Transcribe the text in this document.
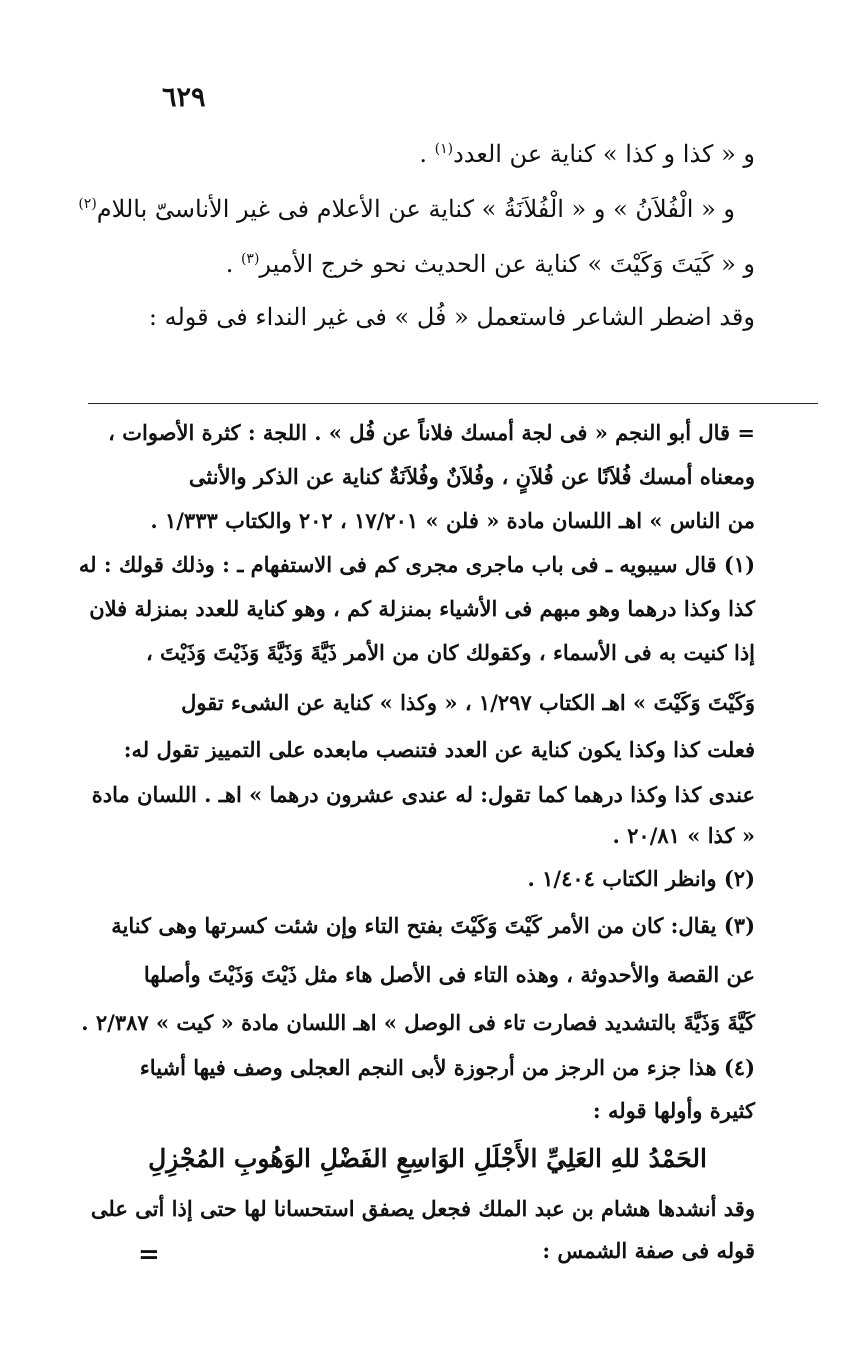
٦٢٩
و « كذا و كذا » كناية عن العدد$^{(١)}$ .
و « الْفُلاَنُ » و « الْفُلاَنَةُ » كناية عن الأعلام فى غير الأناسىّ باللام$^{(٢)}$
و « كَيَتَ وَكَيْتَ » كناية عن الحديث نحو خرج الأمير$^{(٣)}$ .
وقد اضطر الشاعر فاستعمل « فُل » فى غير النداء فى قوله :
= قال أبو النجم « فى لجة أمسك فلاناً عن فُل » . اللجة : كثرة الأصوات ،
ومعناه أمسك فُلاَنًا عن فُلاَنٍ ، وفُلاَنٌ وفُلاَنَةٌ كناية عن الذكر والأنثى
من الناس » اهـ اللسان مادة « فلن » ١٧/٢٠١ ، ٢٠٢ والكتاب ١/٣٣٣ .
(١) قال سيبويه ـ فى باب ماجرى مجرى كم فى الاستفهام ـ : وذلك قولك : له
كذا وكذا درهما وهو مبهم فى الأشياء بمنزلة كم ، وهو كناية للعدد بمنزلة فلان
إذا كنيت به فى الأسماء ، وكقولك كان من الأمر ذَيَّةَ وَذَيَّةَ وَذَيْتَ وَذَيْتَ ،
وَكَيْتَ وَكَيْتَ » اهـ الكتاب ١/٢٩٧ ، « وكذا » كناية عن الشىء تقول
فعلت كذا وكذا يكون كناية عن العدد فتنصب مابعده على التمييز تقول له:
عندى كذا وكذا درهما كما تقول: له عندى عشرون درهما » اهـ . اللسان مادة
« كذا » ٢٠/٨١ .
(٢) وانظر الكتاب ١/٤٠٤ .
(٣) يقال: كان من الأمر كَيْتَ وَكَيْتَ بفتح التاء وإن شئت كسرتها وهى كناية
عن القصة والأحدوثة ، وهذه التاء فى الأصل هاء مثل ذَيْتَ وَذَيْتَ وأصلها
كَيَّةَ وَذَيَّةَ بالتشديد فصارت تاء فى الوصل » اهـ اللسان مادة « كيت » ٢/٣٨٧ .
(٤) هذا جزء من الرجز من أرجوزة لأبى النجم العجلى وصف فيها أشياء
كثيرة وأولها قوله :
الحَمْدُ للهِ العَلِيِّ الأَجْلَلِ الوَاسِعِ الفَضْلِ الوَهُوبِ المُجْزِلِ
وقد أنشدها هشام بن عبد الملك فجعل يصفق استحسانا لها حتى إذا أتى على
قوله فى صفة الشمس :
=
